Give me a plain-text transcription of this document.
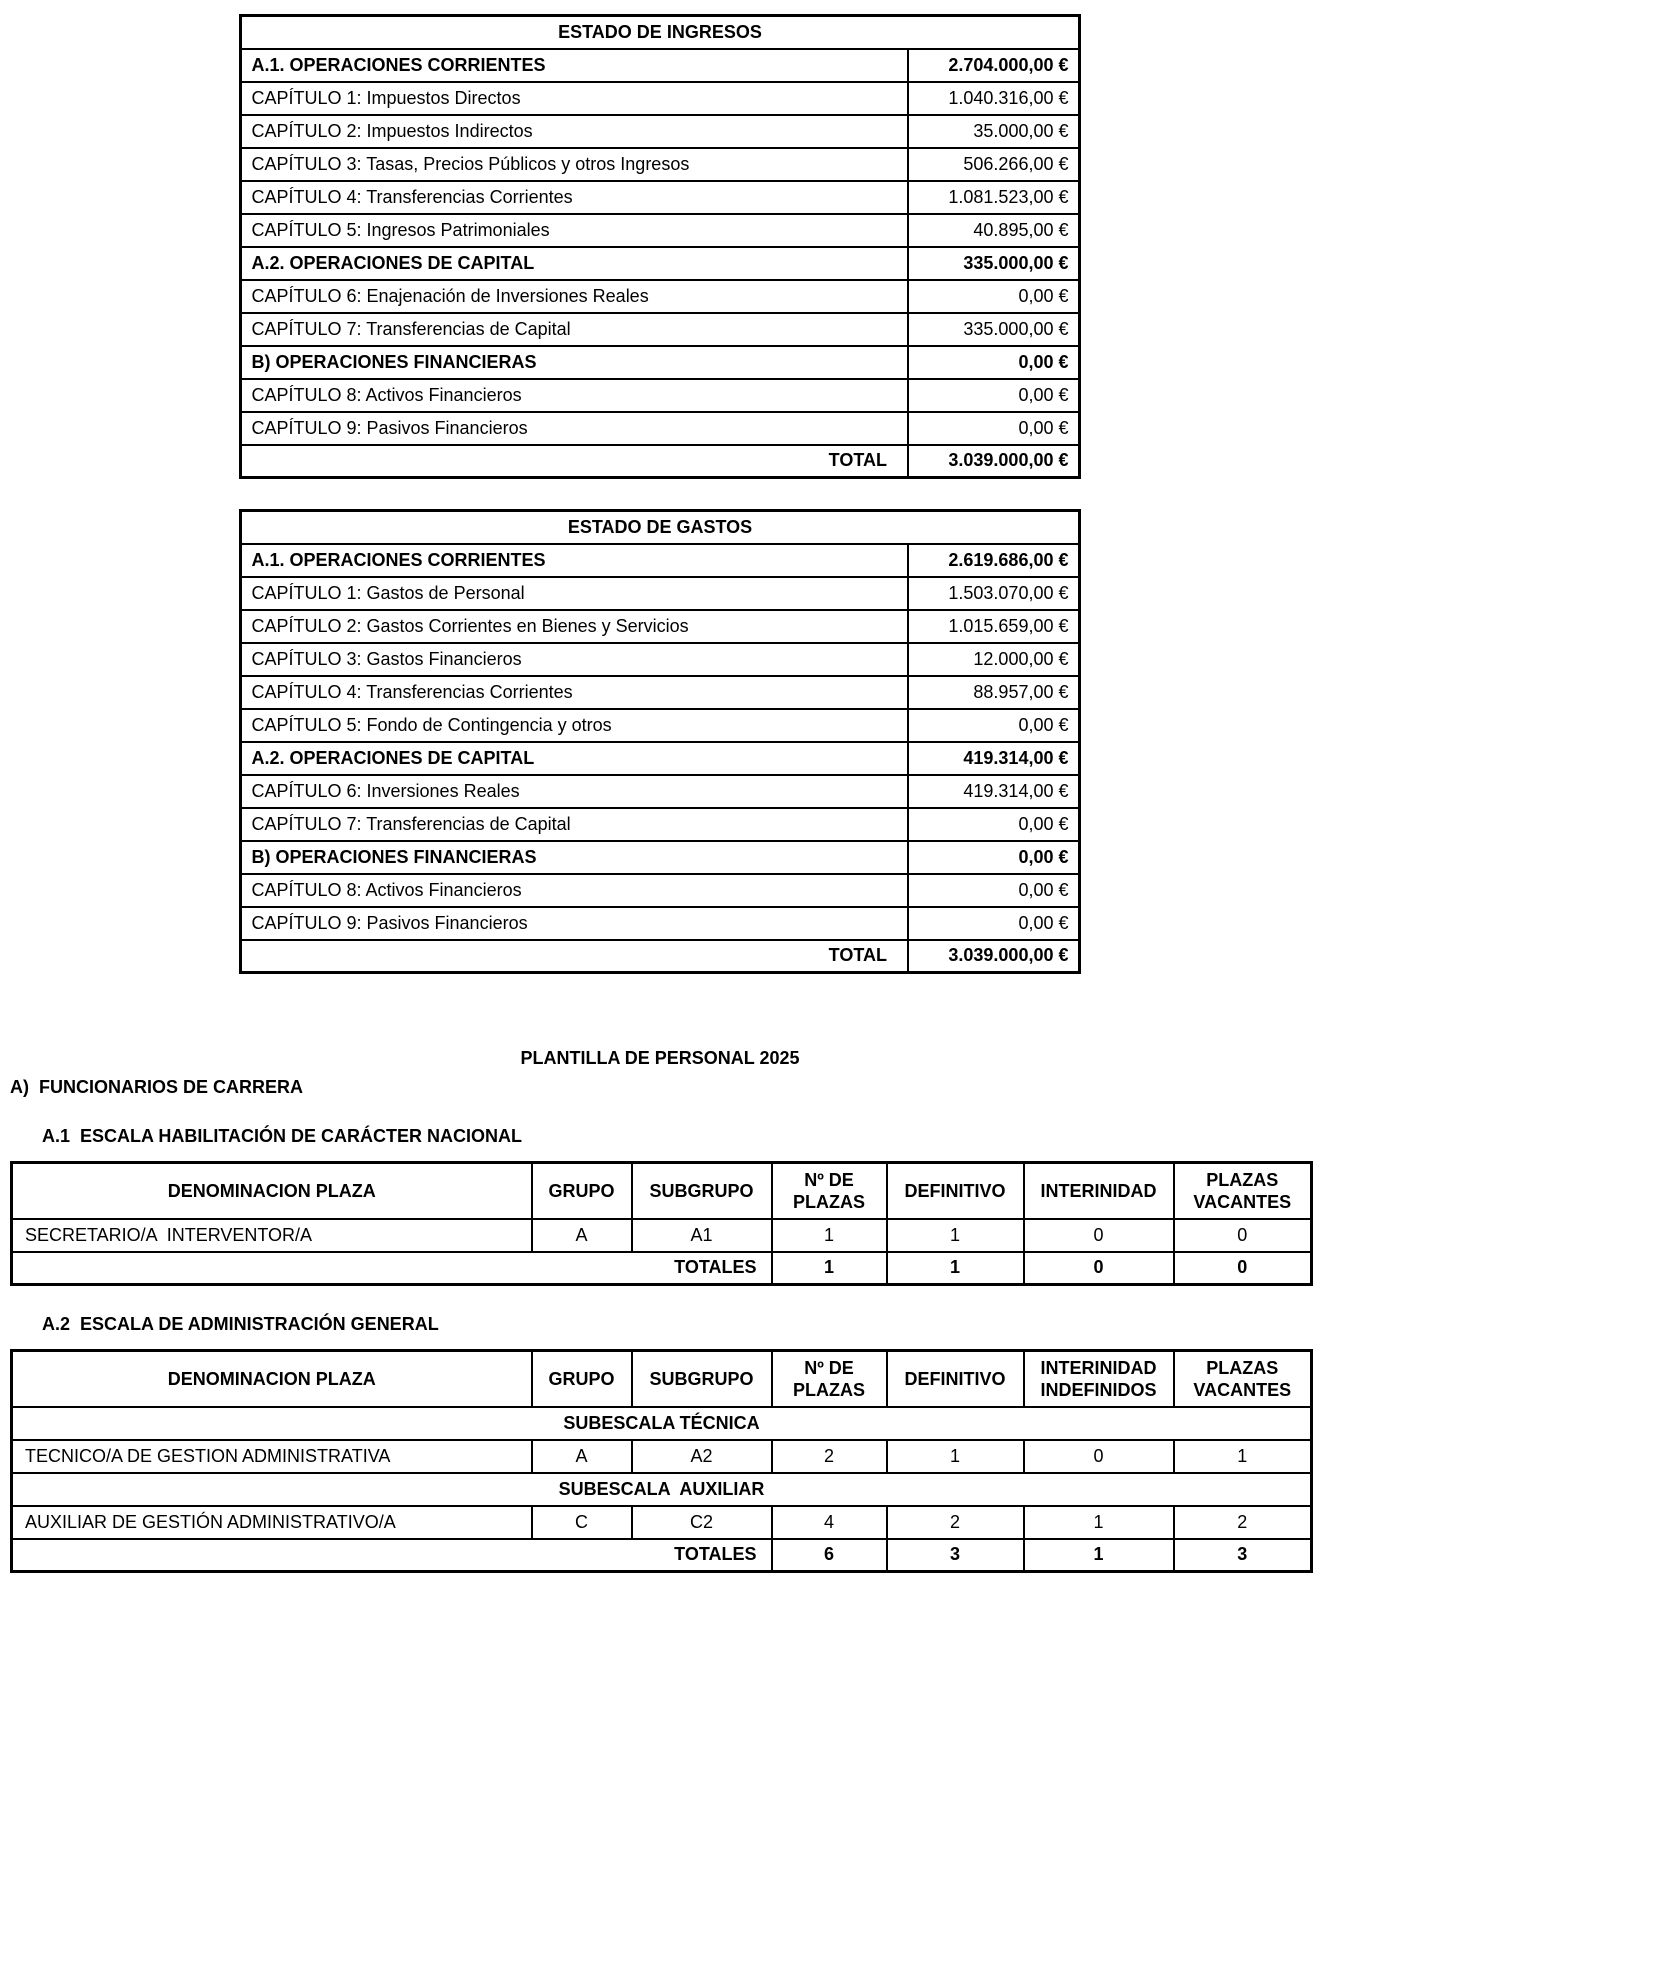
ESTADO DE INGRESOS	
A.1. OPERACIONES CORRIENTES	2.704.000,00 €
CAPÍTULO 1: Impuestos Directos	1.040.316,00 €
CAPÍTULO 2: Impuestos Indirectos	35.000,00 €
CAPÍTULO 3: Tasas, Precios Públicos y otros Ingresos	506.266,00 €
CAPÍTULO 4: Transferencias Corrientes	1.081.523,00 €
CAPÍTULO 5: Ingresos Patrimoniales	40.895,00 €
A.2. OPERACIONES DE CAPITAL	335.000,00 €
CAPÍTULO 6: Enajenación de Inversiones Reales	0,00 €
CAPÍTULO 7: Transferencias de Capital	335.000,00 €
B) OPERACIONES FINANCIERAS	0,00 €
CAPÍTULO 8: Activos Financieros	0,00 €
CAPÍTULO 9: Pasivos Financieros	0,00 €
TOTAL	3.039.000,00 €
ESTADO DE GASTOS	
A.1. OPERACIONES CORRIENTES	2.619.686,00 €
CAPÍTULO 1: Gastos de Personal	1.503.070,00 €
CAPÍTULO 2: Gastos Corrientes en Bienes y Servicios	1.015.659,00 €
CAPÍTULO 3: Gastos Financieros	12.000,00 €
CAPÍTULO 4: Transferencias Corrientes	88.957,00 €
CAPÍTULO 5: Fondo de Contingencia y otros	0,00 €
A.2. OPERACIONES DE CAPITAL	419.314,00 €
CAPÍTULO 6: Inversiones Reales	419.314,00 €
CAPÍTULO 7: Transferencias de Capital	0,00 €
B) OPERACIONES FINANCIERAS	0,00 €
CAPÍTULO 8: Activos Financieros	0,00 €
CAPÍTULO 9: Pasivos Financieros	0,00 €
TOTAL	3.039.000,00 €
PLANTILLA DE PERSONAL 2025
A)  FUNCIONARIOS DE CARRERA
A.1  ESCALA HABILITACIÓN DE CARÁCTER NACIONAL
DENOMINACION PLAZA	GRUPO	SUBGRUPO	Nº DE PLAZAS	DEFINITIVO	INTERINIDAD	PLAZAS VACANTES
SECRETARIO/A  INTERVENTOR/A	A	A1	1	1	0	0
TOTALES			1	1	0	0
A.2  ESCALA DE ADMINISTRACIÓN GENERAL
DENOMINACION PLAZA	GRUPO	SUBGRUPO	Nº DE PLAZAS	DEFINITIVO	INTERINIDAD INDEFINIDOS	PLAZAS VACANTES
SUBESCALA TÉCNICA						
TECNICO/A DE GESTION ADMINISTRATIVA	A	A2	2	1	0	1
SUBESCALA  AUXILIAR						
AUXILIAR DE GESTIÓN ADMINISTRATIVO/A	C	C2	4	2	1	2
TOTALES			6	3	1	3
